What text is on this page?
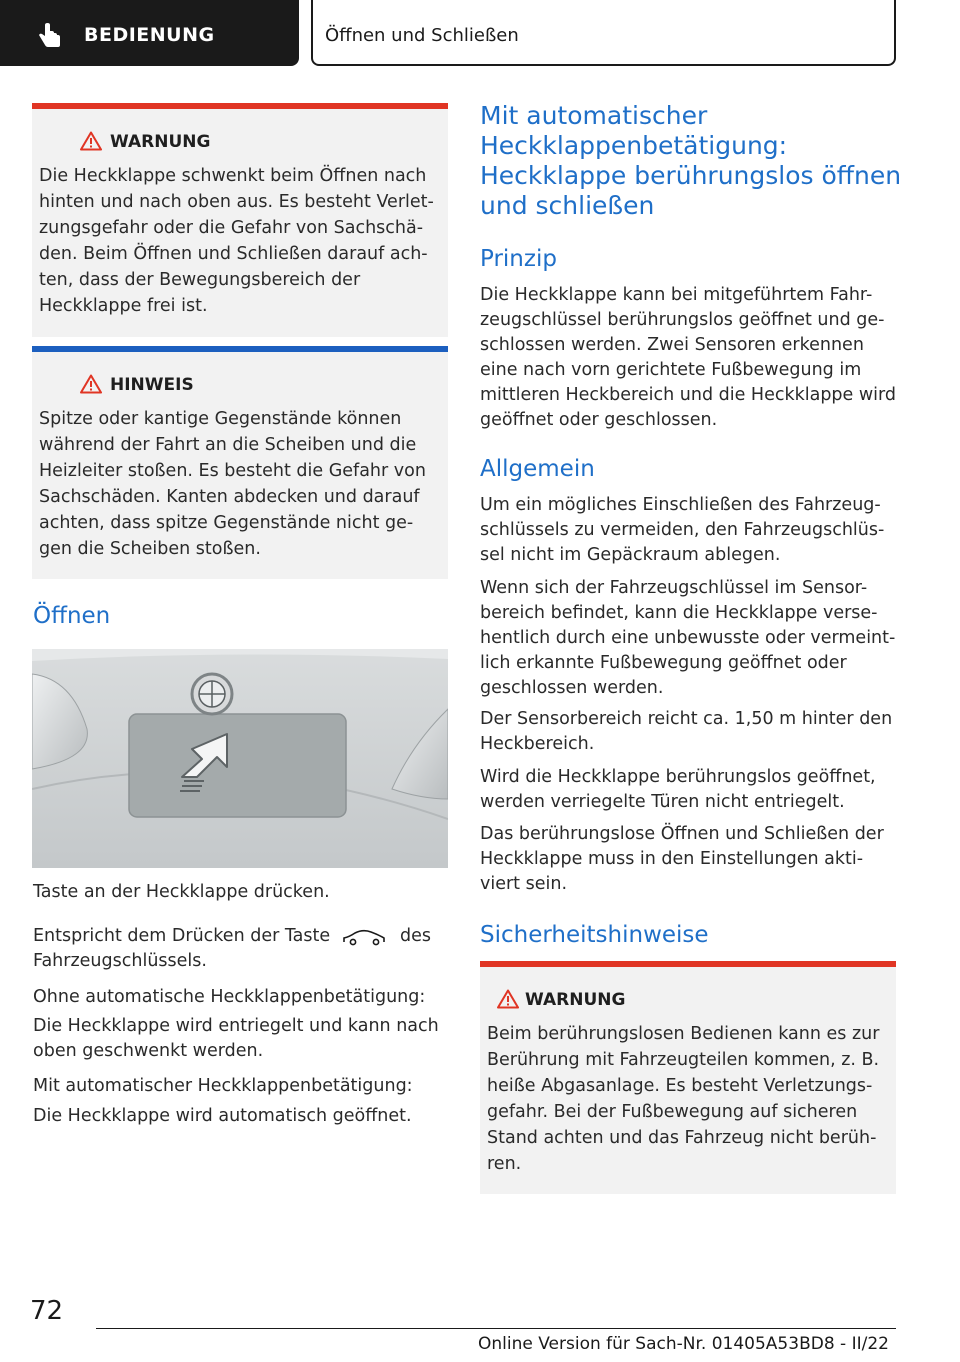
BEDIENUNG	Öffnen und Schließen
WARNUNG
Die Heckklappe schwenkt beim Öffnen nach
hinten und nach oben aus. Es besteht Verlet-
zungsgefahr oder die Gefahr von Sachschä-
den. Beim Öffnen und Schließen darauf ach-
ten, dass der Bewegungsbereich der
Heckklappe frei ist.
HINWEIS
Spitze oder kantige Gegenstände können
während der Fahrt an die Scheiben und die
Heizleiter stoßen. Es besteht die Gefahr von
Sachschäden. Kanten abdecken und darauf
achten, dass spitze Gegenstände nicht ge-
gen die Scheiben stoßen.
Öffnen
Taste an der Heckklappe drücken.
Entspricht dem Drücken der Taste	des
Fahrzeugschlüssels.
Ohne automatische Heckklappenbetätigung:
Die Heckklappe wird entriegelt und kann nach
oben geschwenkt werden.
Mit automatischer Heckklappenbetätigung:
Die Heckklappe wird automatisch geöffnet.
Mit automatischer
Heckklappenbetätigung:
Heckklappe berührungslos öffnen
und schließen
Prinzip
Die Heckklappe kann bei mitgeführtem Fahr-
zeugschlüssel berührungslos geöffnet und ge-
schlossen werden. Zwei Sensoren erkennen
eine nach vorn gerichtete Fußbewegung im
mittleren Heckbereich und die Heckklappe wird
geöffnet oder geschlossen.
Allgemein
Um ein mögliches Einschließen des Fahrzeug-
schlüssels zu vermeiden, den Fahrzeugschlüs-
sel nicht im Gepäckraum ablegen.
Wenn sich der Fahrzeugschlüssel im Sensor-
bereich befindet, kann die Heckklappe verse-
hentlich durch eine unbewusste oder vermeint-
lich erkannte Fußbewegung geöffnet oder
geschlossen werden.
Der Sensorbereich reicht ca. 1,50 m hinter den
Heckbereich.
Wird die Heckklappe berührungslos geöffnet,
werden verriegelte Türen nicht entriegelt.
Das berührungslose Öffnen und Schließen der
Heckklappe muss in den Einstellungen akti-
viert sein.
Sicherheitshinweise
WARNUNG
Beim berührungslosen Bedienen kann es zur
Berührung mit Fahrzeugteilen kommen, z. B.
heiße Abgasanlage. Es besteht Verletzungs-
gefahr. Bei der Fußbewegung auf sicheren
Stand achten und das Fahrzeug nicht berüh-
ren.
72
Online Version für Sach-Nr. 01405A53BD8 - II/22
